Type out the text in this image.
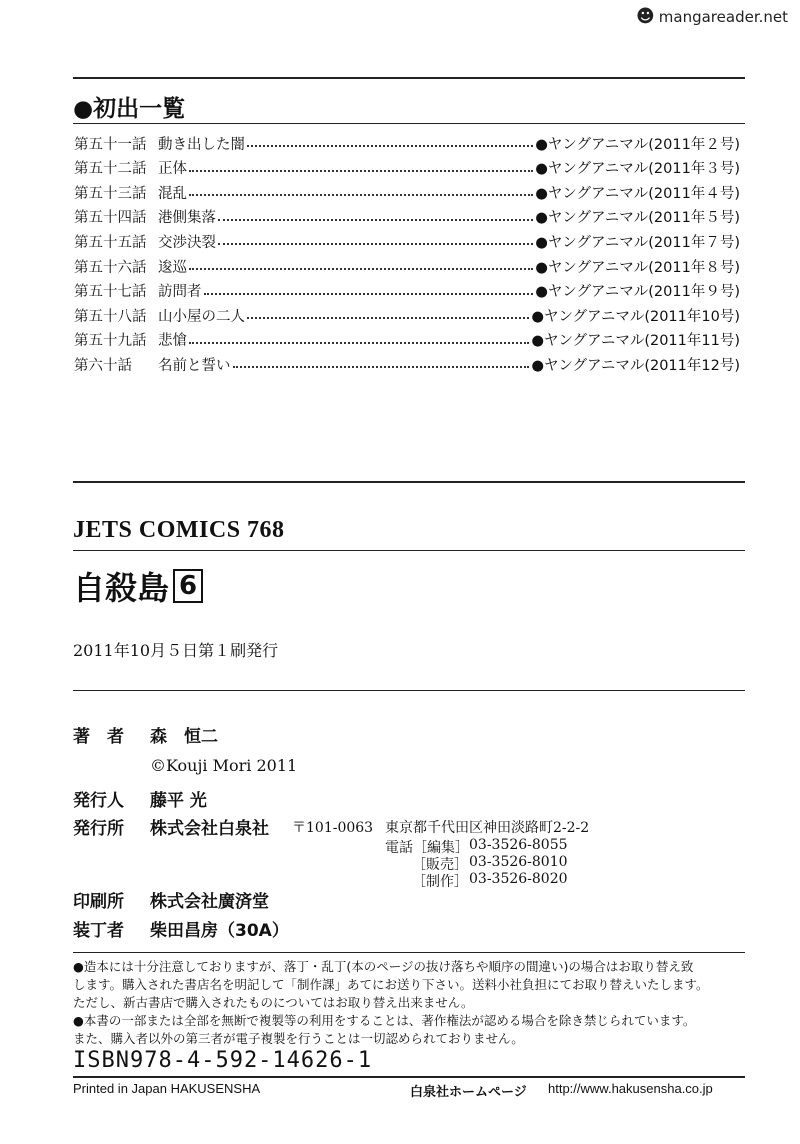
☻ mangareader.net
●初出一覧
第五十一話 動き出した闇	●ヤングアニマル(2011年２号)
第五十二話 正体	●ヤングアニマル(2011年３号)
第五十三話 混乱	●ヤングアニマル(2011年４号)
第五十四話 港側集落	●ヤングアニマル(2011年５号)
第五十五話 交渉決裂	●ヤングアニマル(2011年７号)
第五十六話 逡巡	●ヤングアニマル(2011年８号)
第五十七話 訪問者	●ヤングアニマル(2011年９号)
第五十八話 山小屋の二人	●ヤングアニマル(2011年10号)
第五十九話 悲愴	●ヤングアニマル(2011年11号)
第六十話	名前と誓い	●ヤングアニマル(2011年12号)
JETS COMICS 768
自殺島 6
2011年10月５日第１刷発行
著　者 森　恒二
©Kouji Mori 2011
発行人 藤平 光
発行所 株式会社白泉社 〒101-0063 東京都千代田区神田淡路町2-2-2
電話［編集］ 03-3526-8055
［販売］ 03-3526-8010
［制作］ 03-3526-8020
印刷所 株式会社廣済堂
装丁者 柴田昌房（30A）

●造本には十分注意しておりますが、落丁・乱丁(本のページの抜け落ちや順序の間違い)の場合はお取り替え致

します。購入された書店名を明記して「制作課」あてにお送り下さい。送料小社負担にてお取り替えいたします。

ただし、新古書店で購入されたものについてはお取り替え出来ません。

●本書の一部または全部を無断で複製等の利用をすることは、著作権法が認める場合を除き禁じられています。

また、購入者以外の第三者が電子複製を行うことは一切認められておりません。

ISBN978-4-592-14626-1
Printed in Japan HAKUSENSHA	白泉社ホームページ http://www.hakusensha.co.jp
